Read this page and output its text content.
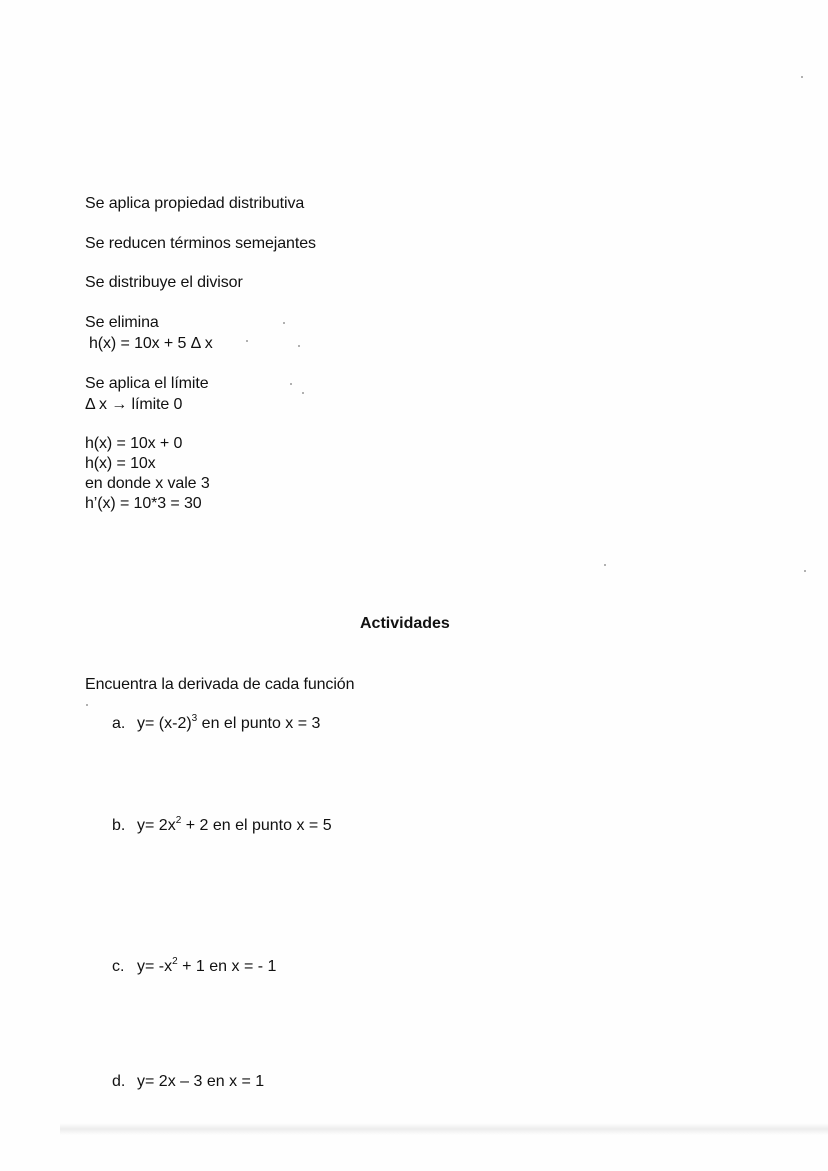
Se aplica propiedad distributiva
Se reducen términos semejantes
Se distribuye el divisor
Se elimina
h(x) = 10x + 5 Δ x
Se aplica el límite
Δ x → límite 0
h(x) = 10x + 0
h(x) = 10x
en donde x vale 3
h’(x) = 10*3 = 30
Actividades
Encuentra la derivada de cada función
a. $y= (x-2)^3$ en el punto x = 3
b. $y= 2x^2 + 2$ en el punto x = 5
c. $y= -x^2 + 1$ en x = - 1
d. y= 2x – 3 en x = 1
